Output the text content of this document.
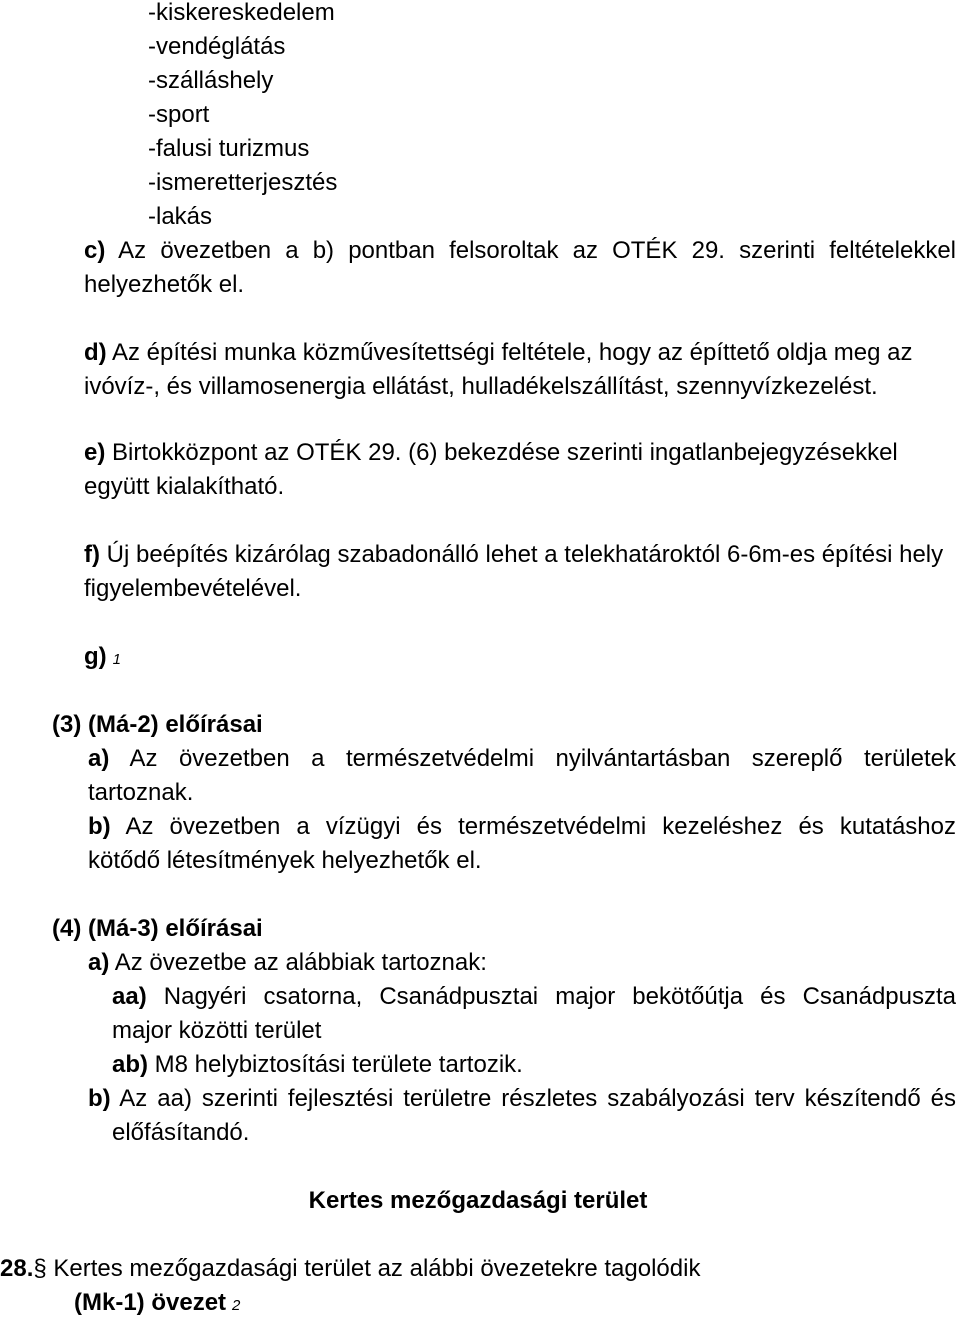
-kiskereskedelem
-vendéglátás
-szálláshely
-sport
-falusi turizmus
-ismeretterjesztés
-lakás
c) Az övezetben a b) pontban felsoroltak az OTÉK 29. szerinti feltételekkel
helyezhetők el.
d) Az építési munka közművesítettségi feltétele, hogy az építtető oldja meg az
ivóvíz-, és villamosenergia ellátást, hulladékelszállítást, szennyvízkezelést.
e) Birtokközpont az OTÉK 29. (6) bekezdése szerinti ingatlanbejegyzésekkel
együtt kialakítható.
f) Új beépítés kizárólag szabadonálló lehet a telekhatároktól 6-6m-es építési hely
figyelembevételével.
g) 1
(3) (Má-2) előírásai
a) Az övezetben a természetvédelmi nyilvántartásban szereplő területek
tartoznak.
b) Az övezetben a vízügyi és természetvédelmi kezeléshez és kutatáshoz
kötődő létesítmények helyezhetők el.
(4) (Má-3) előírásai
a) Az övezetbe az alábbiak tartoznak:
aa) Nagyéri csatorna, Csanádpusztai major bekötőútja és Csanádpuszta
major közötti terület
ab) M8 helybiztosítási területe tartozik.
b) Az aa) szerinti fejlesztési területre részletes szabályozási terv készítendő és
előfásítandó.
Kertes mezőgazdasági terület
28.§ Kertes mezőgazdasági terület az alábbi övezetekre tagolódik
(Mk-1) övezet 2
